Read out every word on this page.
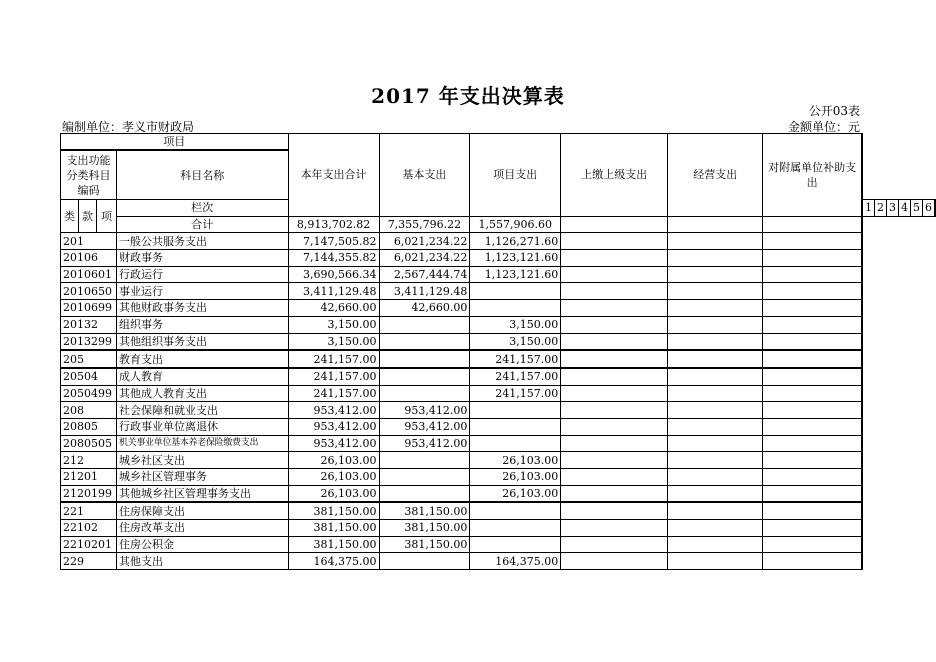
2017 年支出决算表
公开03表
编制单位：孝义市财政局	金额单位：元
项目				本年支出合计	基本支出	项目支出	上缴上级支出	经营支出	对附属单位补助支出						
支出功能分类科目编码			科目名称												
类	款	项	栏次							1	2	3	4	5	6
			合计	8,913,702.82	7,355,796.22	1,557,906.60									
201			一般公共服务支出	7,147,505.82	6,021,234.22	1,126,271.60									
20106			财政事务	7,144,355.82	6,021,234.22	1,123,121.60									
2010601			行政运行	3,690,566.34	2,567,444.74	1,123,121.60									
2010650			事业运行	3,411,129.48	3,411,129.48										
2010699			其他财政事务支出	42,660.00	42,660.00										
20132			组织事务	3,150.00		3,150.00									
2013299			其他组织事务支出	3,150.00		3,150.00									
205			教育支出	241,157.00		241,157.00									
20504			成人教育	241,157.00		241,157.00									
2050499			其他成人教育支出	241,157.00		241,157.00									
208			社会保障和就业支出	953,412.00	953,412.00										
20805			行政事业单位离退休	953,412.00	953,412.00										
2080505			机关事业单位基本养老保险缴费支出	953,412.00	953,412.00										
212			城乡社区支出	26,103.00		26,103.00									
21201			城乡社区管理事务	26,103.00		26,103.00									
2120199			其他城乡社区管理事务支出	26,103.00		26,103.00									
221			住房保障支出	381,150.00	381,150.00										
22102			住房改革支出	381,150.00	381,150.00										
2210201			住房公积金	381,150.00	381,150.00										
229			其他支出	164,375.00		164,375.00									
